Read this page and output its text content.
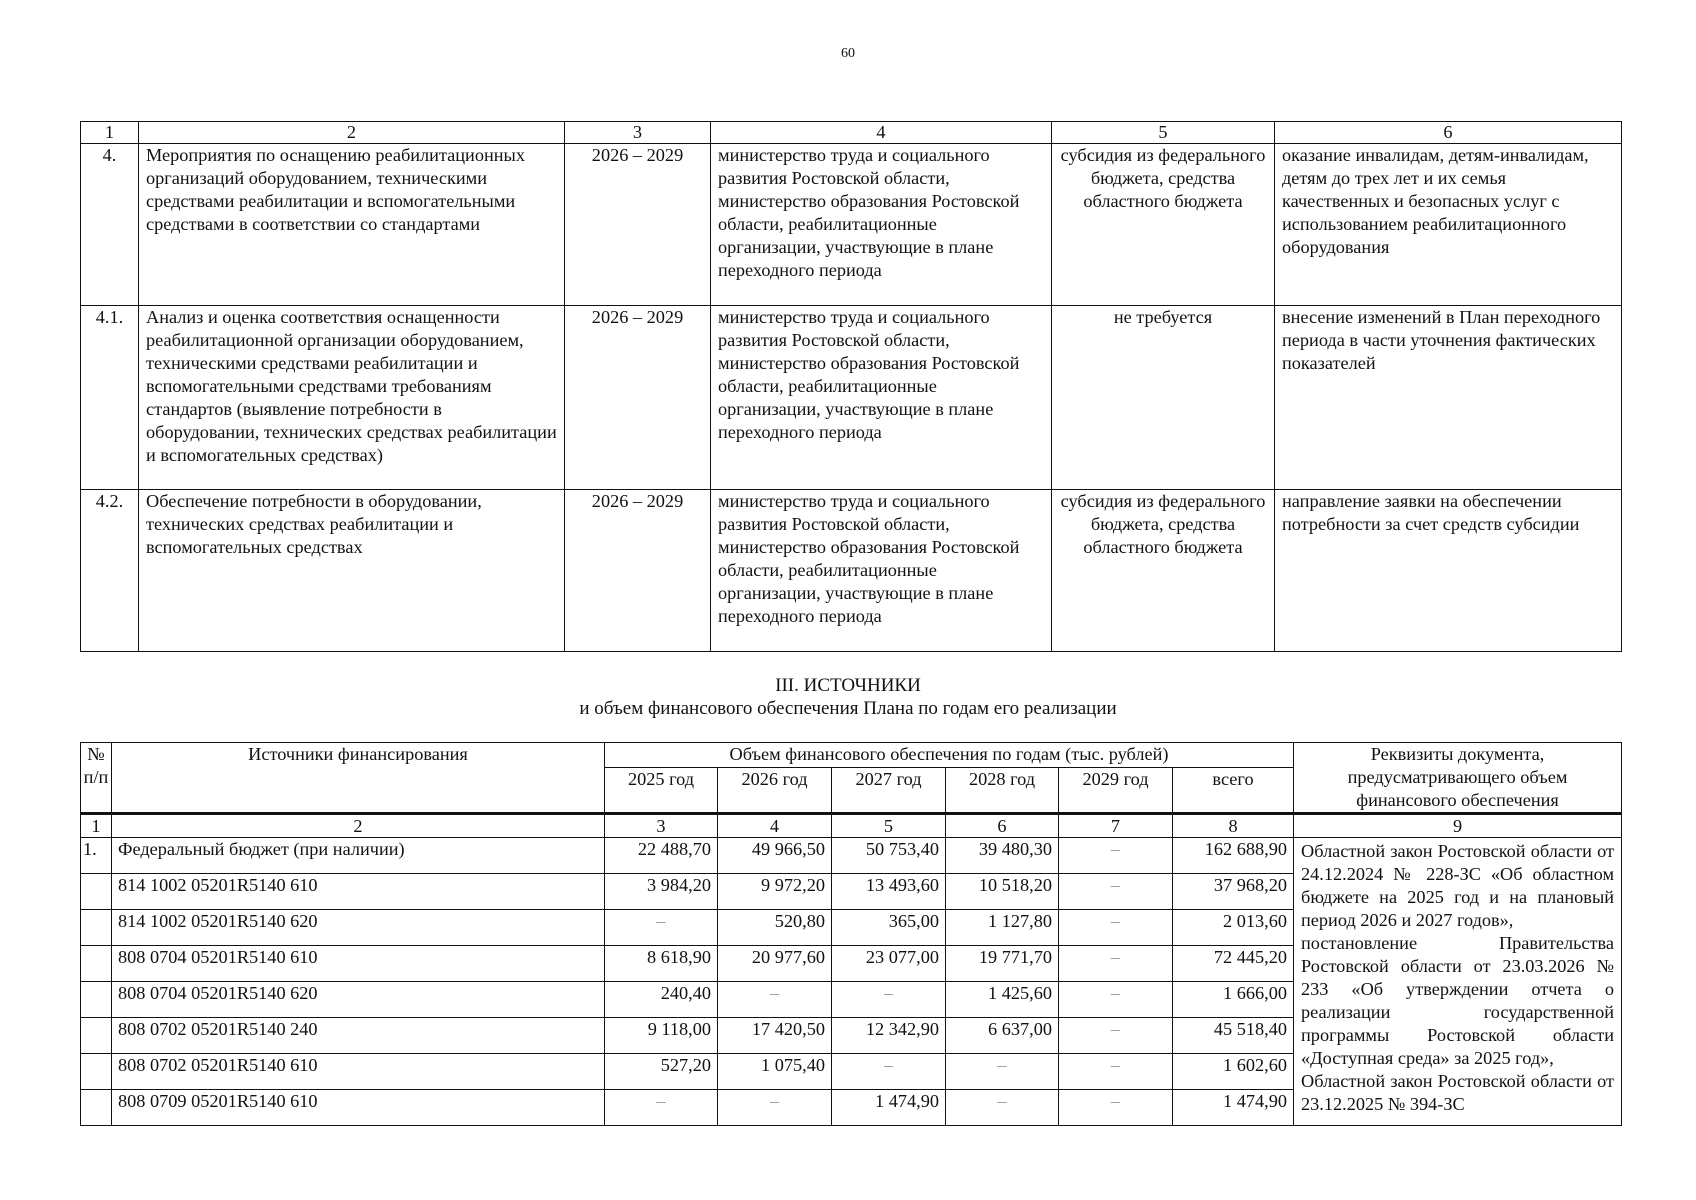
60
1	2	3	4	5	6
4.	Мероприятия по оснащению реабилитационных организаций оборудованием, техническими средствами реабилитации и вспомогательными средствами в соответствии со стандартами	2026 – 2029	министерство труда и социального развития Ростовской области, министерство образования Ростовской области, реабилитационные организации, участвующие в плане переходного периода	субсидия из федерального бюджета, средства областного бюджета	оказание инвалидам, детям-инвалидам, детям до трех лет и их семья качественных и безопасных услуг с использованием реабилитационного оборудования
4.1.	Анализ и оценка соответствия оснащенности реабилитационной организации оборудованием, техническими средствами реабилитации и вспомогательными средствами требованиям стандартов (выявление потребности в оборудовании, технических средствах реабилитации и вспомогательных средствах)	2026 – 2029	министерство труда и социального развития Ростовской области, министерство образования Ростовской области, реабилитационные организации, участвующие в плане переходного периода	не требуется	внесение изменений в План переходного периода в части уточнения фактических показателей
4.2.	Обеспечение потребности в оборудовании, технических средствах реабилитации и вспомогательных средствах	2026 – 2029	министерство труда и социального развития Ростовской области, министерство образования Ростовской области, реабилитационные организации, участвующие в плане переходного периода	субсидия из федерального бюджета, средства областного бюджета	направление заявки на обеспечении потребности за счет средств субсидии
III. ИСТОЧНИКИ
и объем финансового обеспечения Плана по годам его реализации
№ п/п	Источники финансирования	Объем финансового обеспечения по годам (тыс. рублей)						Реквизиты документа, предусматривающего объем финансового обеспечения
		2025 год	2026 год	2027 год	2028 год	2029 год	всего	
1	2	3	4	5	6	7	8	9
1.	Федеральный бюджет (при наличии)	22 488,70	49 966,50	50 753,40	39 480,30	–	162 688,90	Областной закон Ростовской области от 24.12.2024 № 228-ЗС «Об областном бюджете на 2025 год и на плановый период 2026 и 2027 годов»,
постановление Правительства Ростовской области от 23.03.2026 № 233 «Об утверждении отчета о реализации государственной программы Ростовской области «Доступная среда» за 2025 год»,
Областной закон Ростовской области от 23.12.2025 № 394-ЗС

	814 1002 05201R5140 610	3 984,20	9 972,20	13 493,60	10 518,20	–	37 968,20	
	814 1002 05201R5140 620	–	520,80	365,00	1 127,80	–	2 013,60	
	808 0704 05201R5140 610	8 618,90	20 977,60	23 077,00	19 771,70	–	72 445,20	
	808 0704 05201R5140 620	240,40	–	–	1 425,60	–	1 666,00	
	808 0702 05201R5140 240	9 118,00	17 420,50	12 342,90	6 637,00	–	45 518,40	
	808 0702 05201R5140 610	527,20	1 075,40	–	–	–	1 602,60	
	808 0709 05201R5140 610	–	–	1 474,90	–	–	1 474,90	
